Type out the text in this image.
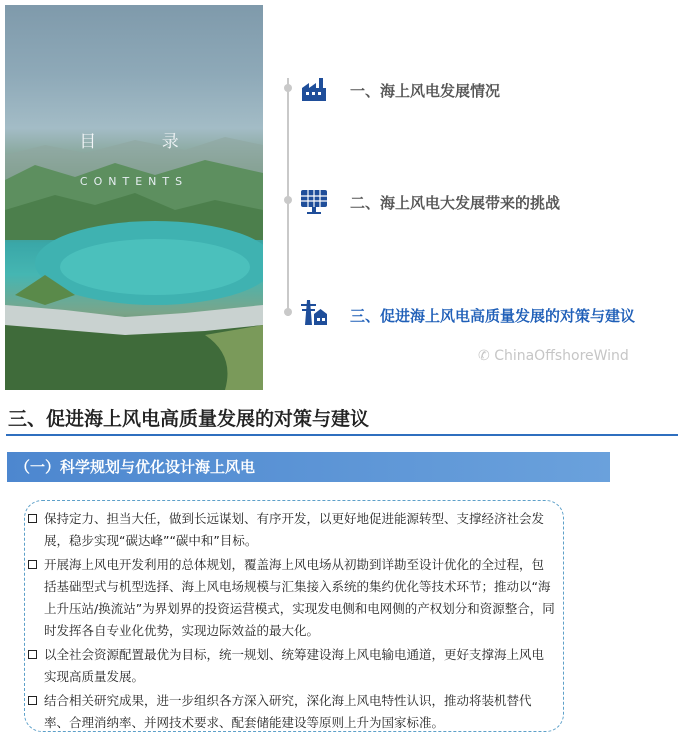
目 录
CONTENTS
一、海上风电发展情况
二、海上风电大发展带来的挑战
三、促进海上风电高质量发展的对策与建议
✆ ChinaOffshoreWind
三、促进海上风电高质量发展的对策与建议
（一）科学规划与优化设计海上风电
保持定力、担当大任，做到长远谋划、有序开发，以更好地促进能源转型、支撑经济社会发展，稳步实现“碳达峰”“碳中和”目标。
开展海上风电开发利用的总体规划，覆盖海上风电场从初勘到详勘至设计优化的全过程，包括基础型式与机型选择、海上风电场规模与汇集接入系统的集约优化等技术环节；推动以“海上升压站/换流站”为界划界的投资运营模式，实现发电侧和电网侧的产权划分和资源整合，同时发挥各自专业化优势，实现边际效益的最大化。
以全社会资源配置最优为目标，统一规划、统筹建设海上风电输电通道，更好支撑海上风电实现高质量发展。
结合相关研究成果，进一步组织各方深入研究，深化海上风电特性认识，推动将装机替代率、合理消纳率、并网技术要求、配套储能建设等原则上升为国家标准。
